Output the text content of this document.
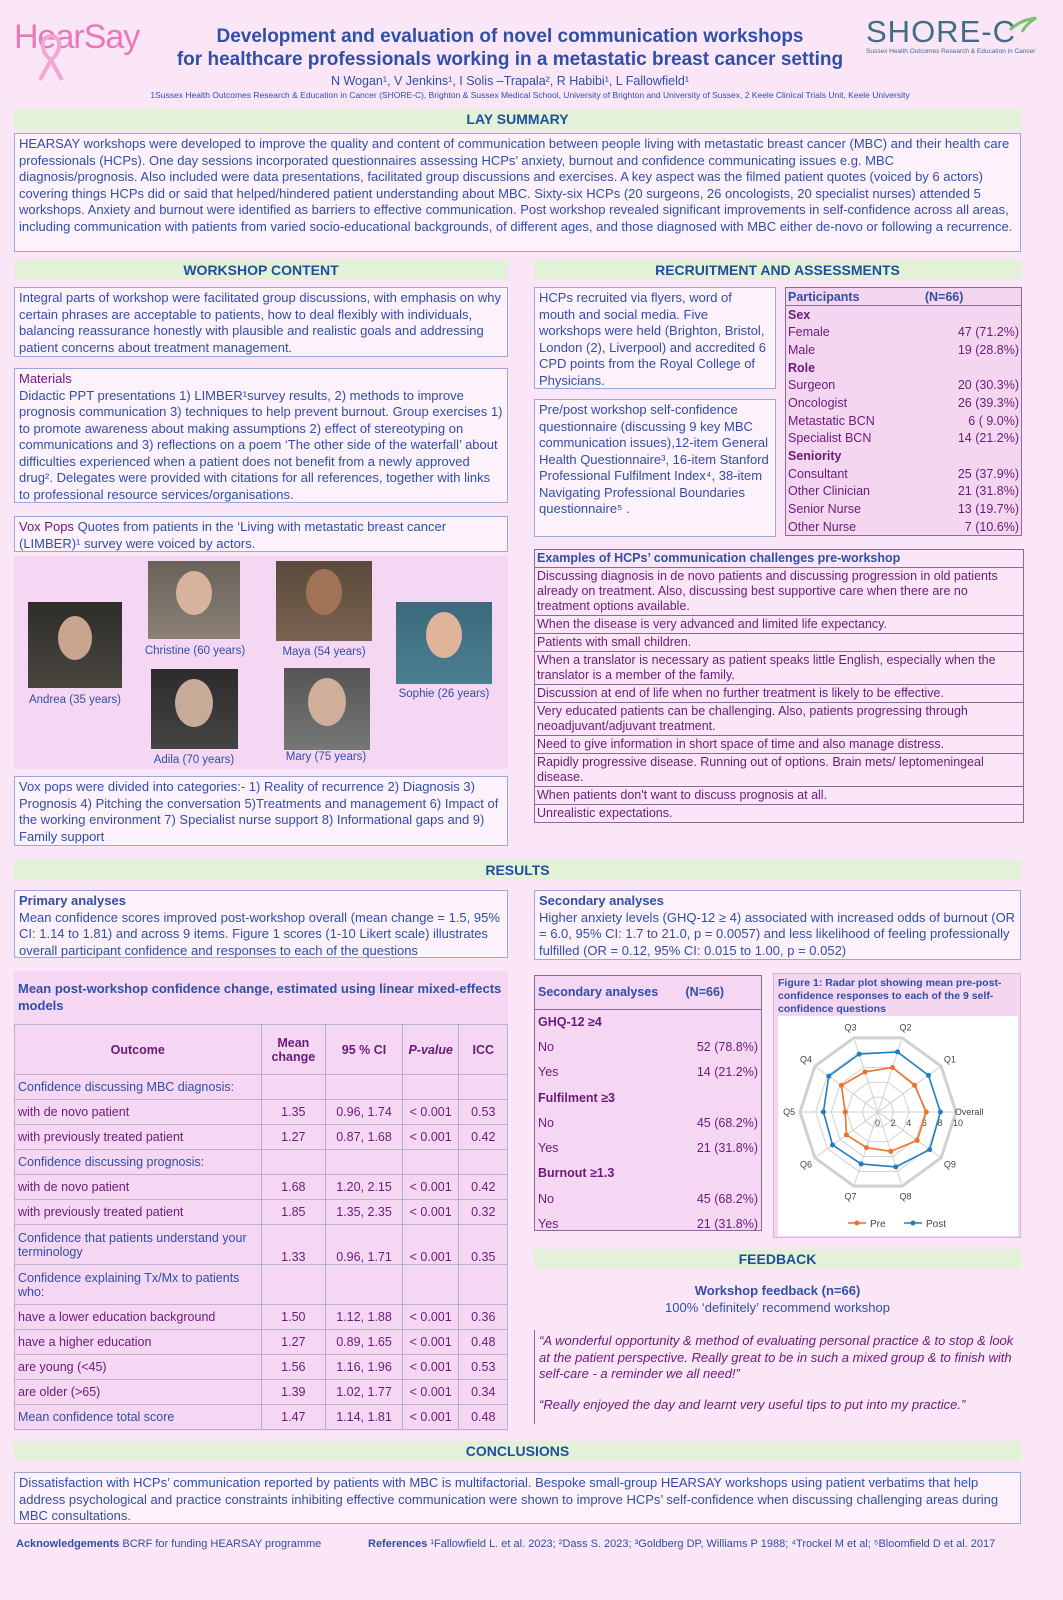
HearSay	Development and evaluation of novel communication workshops
for healthcare professionals working in a metastatic breast cancer setting
N Wogan¹, V Jenkins¹, I Solis –Trapala², R Habibi¹, L Fallowfield¹
1Sussex Health Outcomes Research & Education in Cancer (SHORE-C), Brighton & Sussex Medical School, University of Brighton and University of Sussex, 2 Keele Clinical Trials Unit, Keele University
SHORE-C
Sussex Health Outcomes Research & Education in Cancer
LAY SUMMARY
HEARSAY workshops were developed to improve the quality and content of communication between people living with metastatic breast cancer (MBC) and their health care professionals (HCPs). One day sessions incorporated questionnaires assessing HCPs’ anxiety, burnout and confidence communicating issues e.g. MBC diagnosis/prognosis. Also included were data presentations, facilitated group discussions and exercises. A key aspect was the filmed patient quotes (voiced by 6 actors) covering things HCPs did or said that helped/hindered patient understanding about MBC. Sixty-six HCPs (20 surgeons, 26 oncologists, 20 specialist nurses) attended 5 workshops. Anxiety and burnout were identified as barriers to effective communication. Post workshop revealed significant improvements in self-confidence across all areas, including communication with patients from varied socio-educational backgrounds, of different ages, and those diagnosed with MBC either de-novo or following a recurrence.
WORKSHOP CONTENT
Integral parts of workshop were facilitated group discussions, with emphasis on why certain phrases are acceptable to patients, how to deal flexibly with individuals, balancing reassurance honestly with plausible and realistic goals and addressing patient concerns about treatment management.
Materials
Didactic PPT presentations 1) LIMBER¹survey results, 2) methods to improve prognosis communication 3) techniques to help prevent burnout. Group exercises 1) to promote awareness about making assumptions 2) effect of stereotyping on communications and 3) reflections on a poem ‘The other side of the waterfall’ about difficulties experienced when a patient does not benefit from a newly approved drug². Delegates were provided with citations for all references, together with links to professional resource services/organisations.
Vox Pops Quotes from patients in the ‘Living with metastatic breast cancer (LIMBER)¹ survey were voiced by actors.
Andrea (35 years)
Christine (60 years)	Maya (54 years)
Sophie (26 years)
Adila (70 years)	Mary (75 years)
Vox pops were divided into categories:- 1) Reality of recurrence 2) Diagnosis 3) Prognosis 4) Pitching the conversation 5)Treatments and management 6) Impact of the working environment 7) Specialist nurse support 8) Informational gaps and 9) Family support
RECRUITMENT AND ASSESSMENTS
HCPs recruited via flyers, word of mouth and social media. Five workshops were held (Brighton, Bristol, London (2), Liverpool) and accredited 6 CPD points from the Royal College of Physicians.
Pre/post workshop self-confidence questionnaire (discussing 9 key MBC communication issues),12-item General Health Questionnaire³, 16-item Stanford Professional Fulfilment Index⁴, 38-item Navigating Professional Boundaries questionnaire⁵ .
Participants	(N=66)
Sex	
Female	47 (71.2%)
Male	19 (28.8%)
Role	
Surgeon	20 (30.3%)
Oncologist	26 (39.3%)
Metastatic BCN	6 ( 9.0%)
Specialist BCN	14 (21.2%)
Seniority	
Consultant	25 (37.9%)
Other Clinician	21 (31.8%)
Senior Nurse	13 (19.7%)
Other Nurse	7 (10.6%)
Examples of HCPs’ communication challenges pre-workshop
Discussing diagnosis in de novo patients and discussing progression in old patients already on treatment. Also, discussing best supportive care when there are no treatment options available.
When the disease is very advanced and limited life expectancy.
Patients with small children.
When a translator is necessary as patient speaks little English, especially when the translator is a member of the family.
Discussion at end of life when no further treatment is likely to be effective.
Very educated patients can be challenging. Also, patients progressing through neoadjuvant/adjuvant treatment.
Need to give information in short space of time and also manage distress.
Rapidly progressive disease. Running out of options. Brain mets/ leptomeningeal disease.
When patients don't want to discuss prognosis at all.
Unrealistic expectations.
RESULTS
Primary analyses
Mean confidence scores improved post-workshop overall (mean change = 1.5, 95% CI: 1.14 to 1.81) and across 9 items. Figure 1 scores (1-10 Likert scale) illustrates overall participant confidence and responses to each of the questions
Secondary analyses
Higher anxiety levels (GHQ-12 ≥ 4) associated with increased odds of burnout (OR = 6.0, 95% CI: 1.7 to 21.0, p = 0.0057) and less likelihood of feeling professionally fulfilled (OR = 0.12, 95% CI: 0.015 to 1.00, p = 0.052)
Mean post-workshop confidence change, estimated using linear mixed-effects models
Outcome	Mean change	95 % CI	P-value	ICC
Confidence discussing MBC diagnosis:				
with de novo patient	1.35	0.96, 1.74	< 0.001	0.53
with previously treated patient	1.27	0.87, 1.68	< 0.001	0.42
Confidence discussing prognosis:				
with de novo patient	1.68	1.20, 2.15	< 0.001	0.42
with previously treated patient	1.85	1.35, 2.35	< 0.001	0.32
Confidence that patients understand your terminology	1.33	0.96, 1.71	< 0.001	0.35
Confidence explaining Tx/Mx to patients who:				
have a lower education background	1.50	1.12, 1.88	< 0.001	0.36
have a higher education	1.27	0.89, 1.65	< 0.001	0.48
are young (<45)	1.56	1.16, 1.96	< 0.001	0.53
are older (>65)	1.39	1.02, 1.77	< 0.001	0.34
Mean confidence total score	1.47	1.14, 1.81	< 0.001	0.48
Secondary analyses	(N=66)
GHQ-12 ≥4	
No	52 (78.8%)
Yes	14 (21.2%)
Fulfilment ≥3	
No	45 (68.2%)
Yes	21 (31.8%)
Burnout ≥1.3	
No	45 (68.2%)
Yes	21 (31.8%)
Figure 1: Radar plot showing mean pre-post- confidence responses to each of the 9 self-confidence questions
0 2 4 6 8 10
Overall
Q1
Q2
Q3
Q4
Q5
Q6
Q7	Q8
Q9
Pre	Post
FEEDBACK
Workshop feedback (n=66)
100% ‘definitely’ recommend workshop
“A wonderful opportunity & method of evaluating personal practice & to stop & look at the patient perspective. Really great to be in such a mixed group & to finish with self-care - a reminder we all need!”
“Really enjoyed the day and learnt very useful tips to put into my practice.”
CONCLUSIONS
Dissatisfaction with HCPs’ communication reported by patients with MBC is multifactorial. Bespoke small-group HEARSAY workshops using patient verbatims that help address psychological and practice constraints inhibiting effective communication were shown to improve HCPs’ self-confidence when discussing challenging areas during MBC consultations.
Acknowledgements BCRF for funding HEARSAY programme	References ¹Fallowfield L. et al. 2023; ²Dass S. 2023; ³Goldberg DP, Williams P 1988; ⁴Trockel M et al; ⁵Bloomfield D et al. 2017
